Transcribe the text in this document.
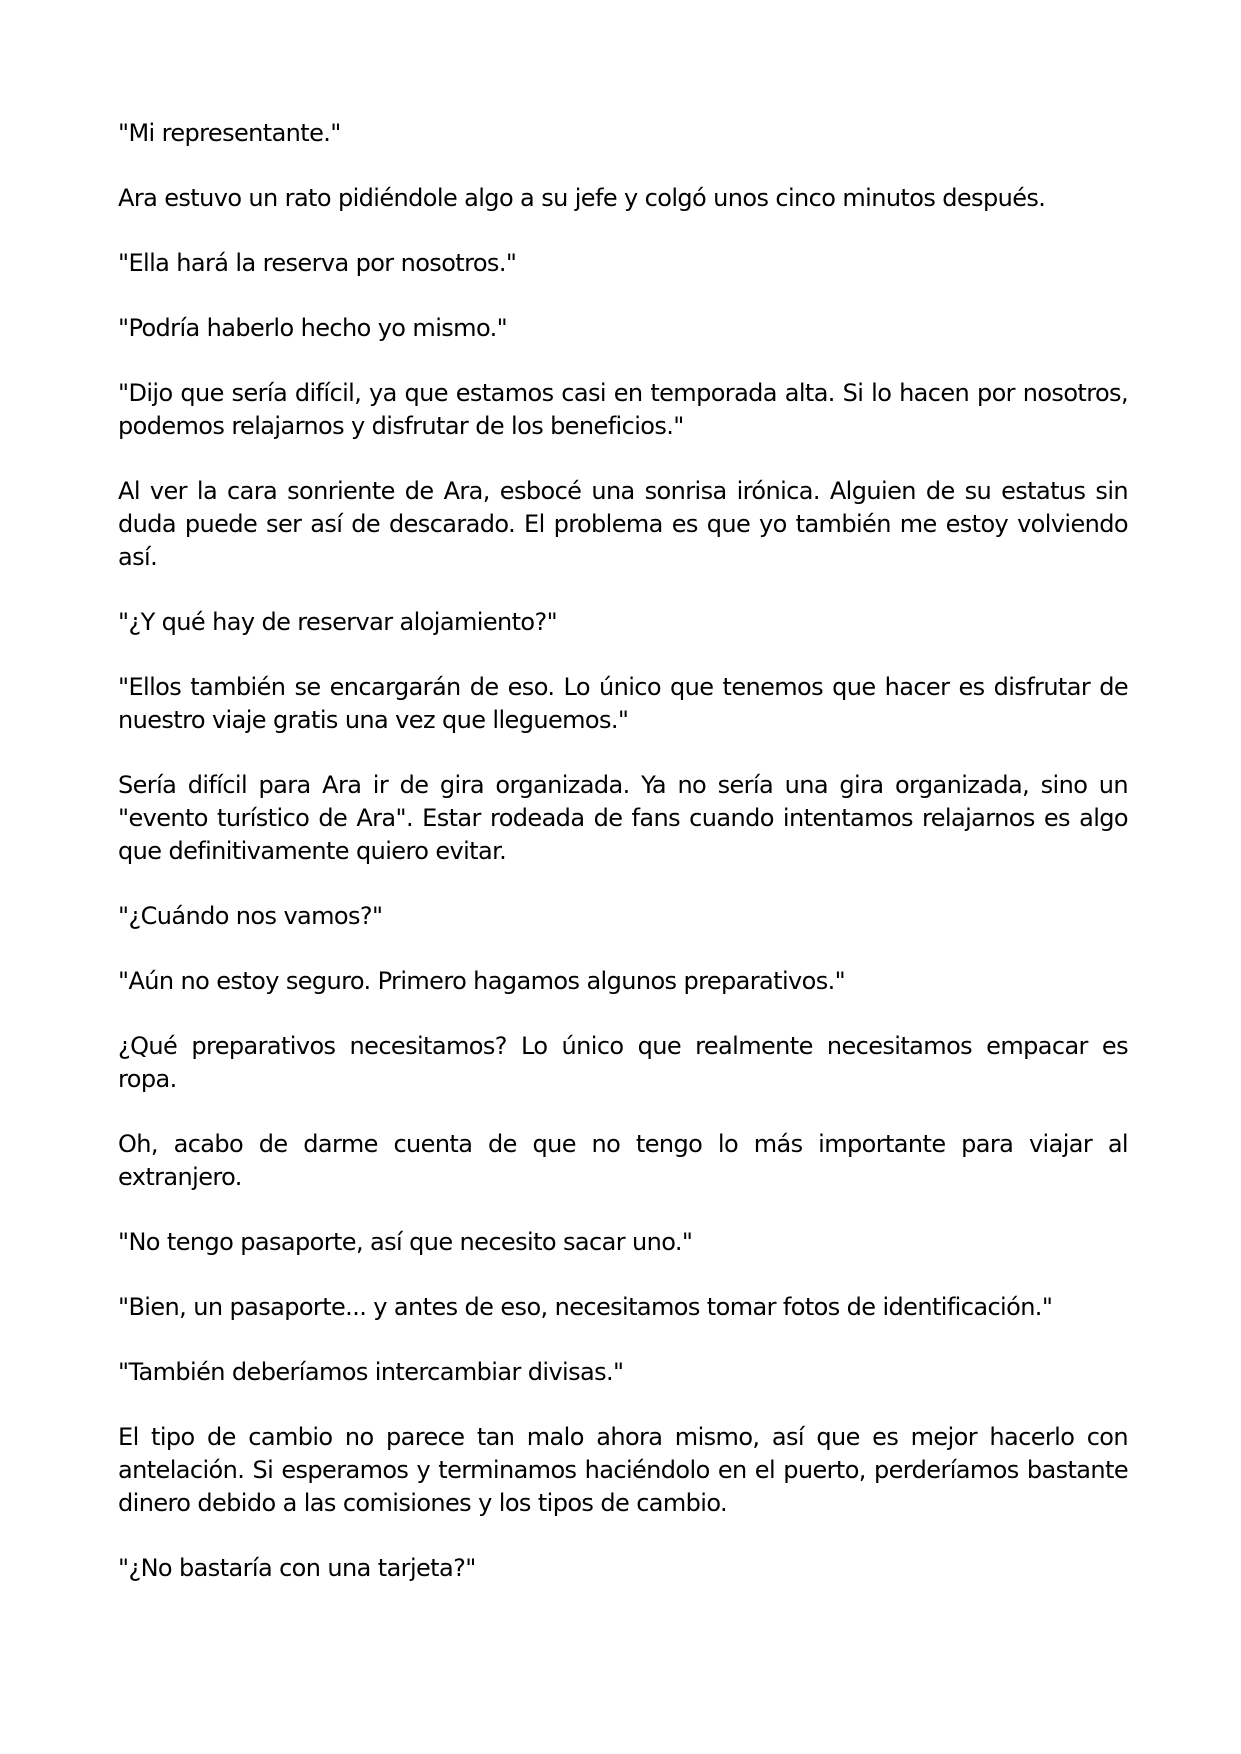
"Mi representante."

Ara estuvo un rato pidiéndole algo a su jefe y colgó unos cinco minutos después.

"Ella hará la reserva por nosotros."

"Podría haberlo hecho yo mismo."

"Dijo que sería difícil, ya que estamos casi en temporada alta. Si lo hacen por nosotros, podemos relajarnos y disfrutar de los beneficios."

Al ver la cara sonriente de Ara, esbocé una sonrisa irónica. Alguien de su estatus sin duda puede ser así de descarado. El problema es que yo también me estoy volviendo así.

"¿Y qué hay de reservar alojamiento?"

"Ellos también se encargarán de eso. Lo único que tenemos que hacer es disfrutar de nuestro viaje gratis una vez que lleguemos."

Sería difícil para Ara ir de gira organizada. Ya no sería una gira organizada, sino un "evento turístico de Ara". Estar rodeada de fans cuando intentamos relajarnos es algo que definitivamente quiero evitar.

"¿Cuándo nos vamos?"

"Aún no estoy seguro. Primero hagamos algunos preparativos."

¿Qué preparativos necesitamos? Lo único que realmente necesitamos empacar es ropa.

Oh, acabo de darme cuenta de que no tengo lo más importante para viajar al extranjero.

"No tengo pasaporte, así que necesito sacar uno."

"Bien, un pasaporte... y antes de eso, necesitamos tomar fotos de identificación."

"También deberíamos intercambiar divisas."

El tipo de cambio no parece tan malo ahora mismo, así que es mejor hacerlo con antelación. Si esperamos y terminamos haciéndolo en el puerto, perderíamos bastante dinero debido a las comisiones y los tipos de cambio.

"¿No bastaría con una tarjeta?"
